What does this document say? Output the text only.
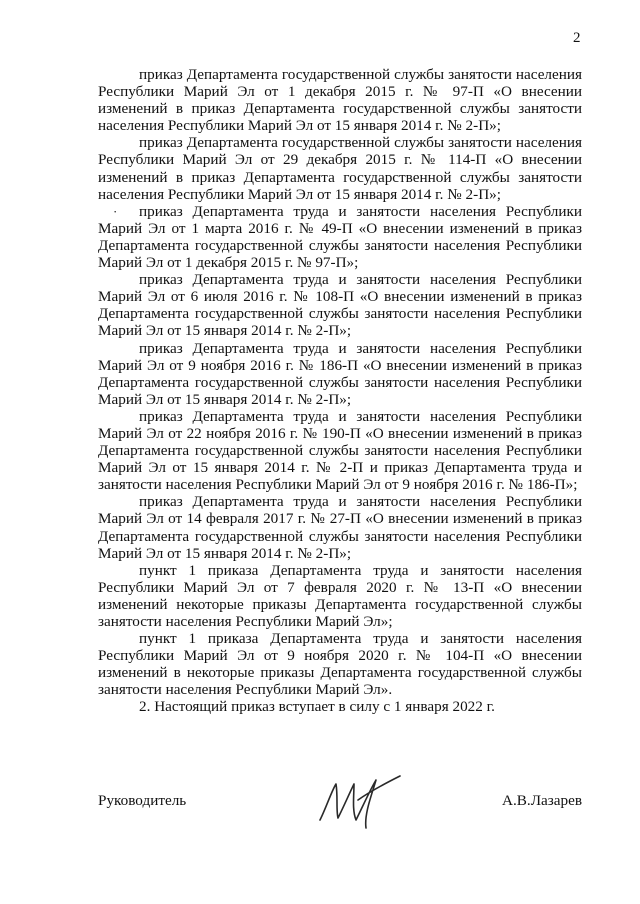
2

приказ Департамента государственной службы занятости населения Республики Марий Эл от 1 декабря 2015 г. № 97-П «О внесении изменений в приказ Департамента государственной службы занятости населения Республики Марий Эл от 15 января 2014 г. № 2-П»;

приказ Департамента государственной службы занятости населения Республики Марий Эл от 29 декабря 2015 г. № 114-П «О внесении изменений в приказ Департамента государственной службы занятости населения Республики Марий Эл от 15 января 2014 г. № 2-П»;

· приказ Департамента труда и занятости населения Республики Марий Эл от 1 марта 2016 г. № 49-П «О внесении изменений в приказ Департамента государственной службы занятости населения Республики Марий Эл от 1 декабря 2015 г. № 97-П»;

приказ Департамента труда и занятости населения Республики Марий Эл от 6 июля 2016 г. № 108-П «О внесении изменений в приказ Департамента государственной службы занятости населения Республики Марий Эл от 15 января 2014 г. № 2-П»;

приказ Департамента труда и занятости населения Республики Марий Эл от 9 ноября 2016 г. № 186-П «О внесении изменений в приказ Департамента государственной службы занятости населения Республики Марий Эл от 15 января 2014 г. № 2-П»;

приказ Департамента труда и занятости населения Республики Марий Эл от 22 ноября 2016 г. № 190-П «О внесении изменений в приказ Департамента государственной службы занятости населения Республики Марий Эл от 15 января 2014 г. № 2-П и приказ Департамента труда и занятости населения Республики Марий Эл от 9 ноября 2016 г. № 186-П»;

приказ Департамента труда и занятости населения Республики Марий Эл от 14 февраля 2017 г. № 27-П «О внесении изменений в приказ Департамента государственной службы занятости населения Республики Марий Эл от 15 января 2014 г. № 2-П»;

пункт 1 приказа Департамента труда и занятости населения Республики Марий Эл от 7 февраля 2020 г. № 13-П «О внесении изменений некоторые приказы Департамента государственной службы занятости населения Республики Марий Эл»;

пункт 1 приказа Департамента труда и занятости населения Республики Марий Эл от 9 ноября 2020 г. № 104-П «О внесении изменений в некоторые приказы Департамента государственной службы занятости населения Республики Марий Эл».

2. Настоящий приказ вступает в силу с 1 января 2022 г.

Руководитель	А.В.Лазарев
